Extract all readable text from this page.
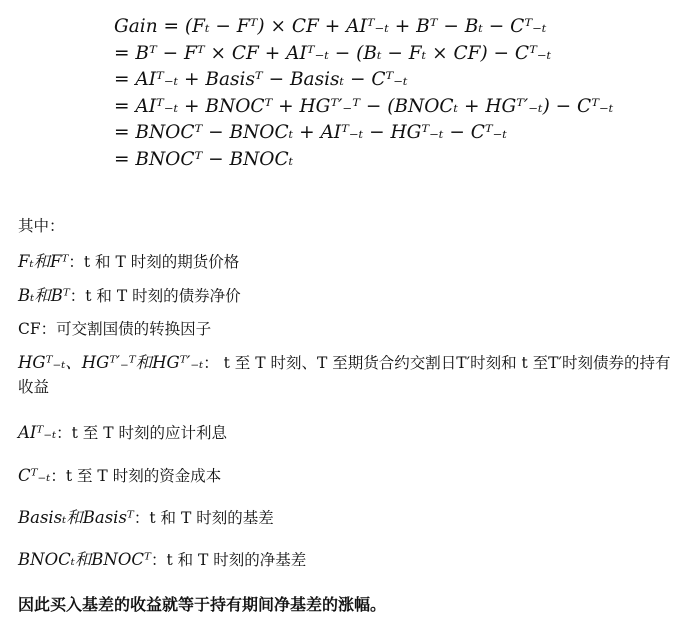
Gain = (Fₜ − Fᵀ) × CF + AIᵀ₋ₜ + Bᵀ − Bₜ − Cᵀ₋ₜ
= Bᵀ − Fᵀ × CF + AIᵀ₋ₜ − (Bₜ − Fₜ × CF) − Cᵀ₋ₜ
= AIᵀ₋ₜ + Basisᵀ − Basisₜ − Cᵀ₋ₜ
= AIᵀ₋ₜ + BNOCᵀ + HGᵀ′₋ᵀ − (BNOCₜ + HGᵀ′₋ₜ) − Cᵀ₋ₜ
= BNOCᵀ − BNOCₜ + AIᵀ₋ₜ − HGᵀ₋ₜ − Cᵀ₋ₜ
= BNOCᵀ − BNOCₜ
其中：
Fₜ和Fᵀ：t 和 T 时刻的期货价格
Bₜ和Bᵀ：t 和 T 时刻的债券净价
CF：可交割国债的转换因子
HGᵀ₋ₜ、HGᵀ′₋ᵀ和HGᵀ′₋ₜ： t 至 T 时刻、T 至期货合约交割日T′时刻和 t 至T′时刻债券的持有收益
AIᵀ₋ₜ：t 至 T 时刻的应计利息
Cᵀ₋ₜ：t 至 T 时刻的资金成本
Basisₜ和Basisᵀ：t 和 T 时刻的基差
BNOCₜ和BNOCᵀ：t 和 T 时刻的净基差
因此买入基差的收益就等于持有期间净基差的涨幅。
